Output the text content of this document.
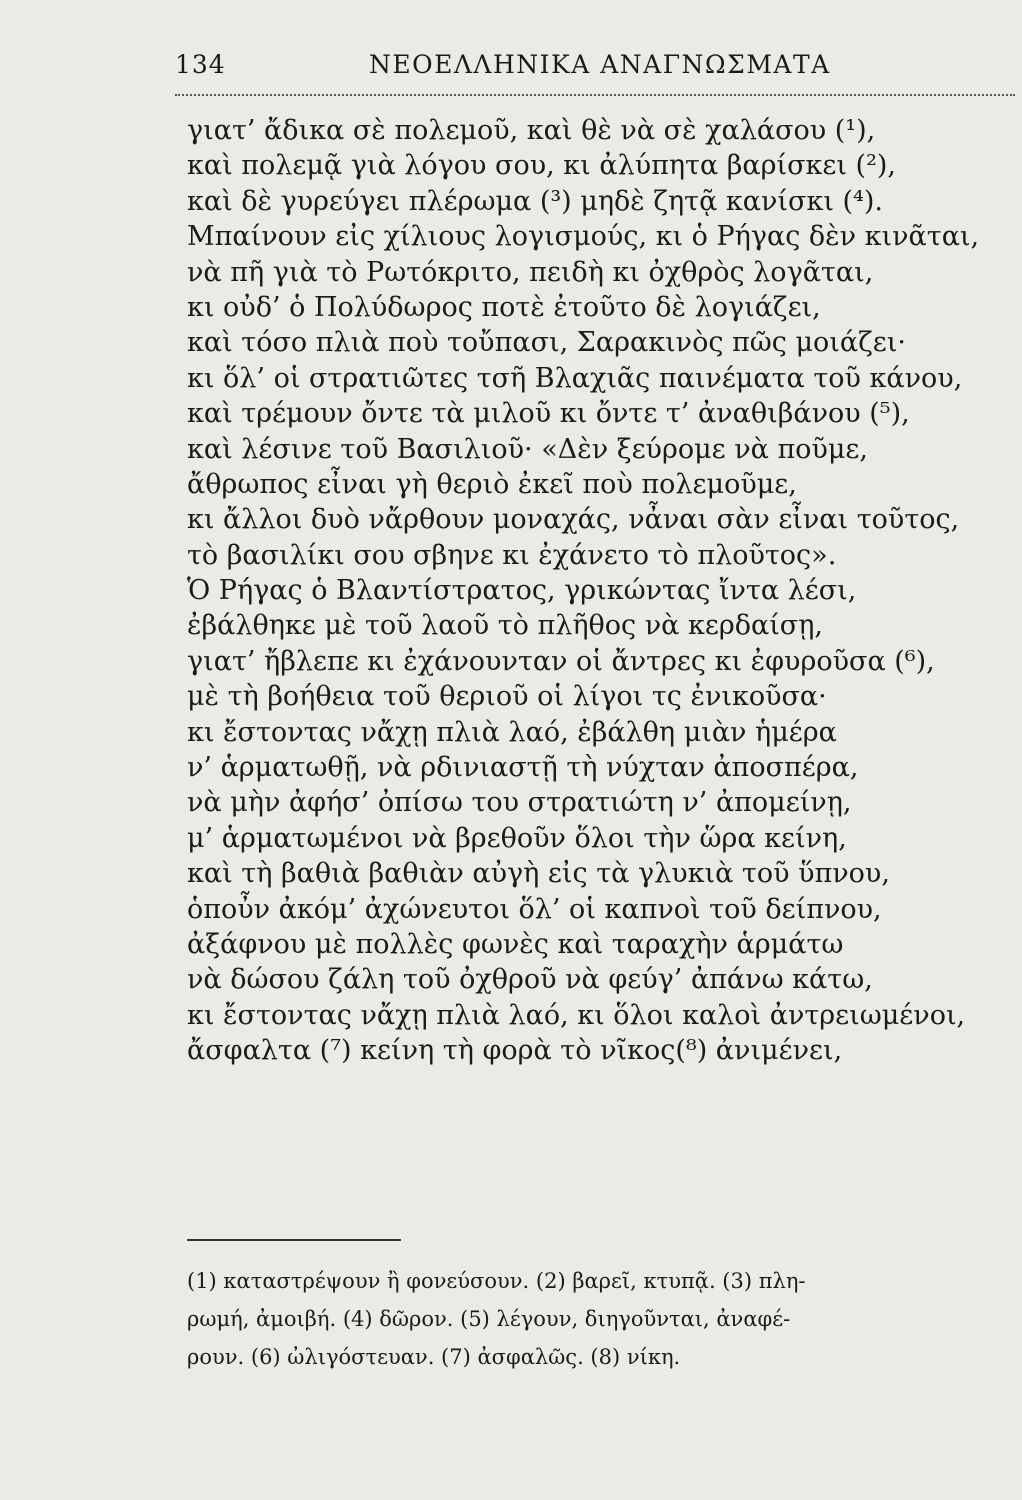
134	ΝΕΟΕΛΛΗΝΙΚΑ ΑΝΑΓΝΩΣΜΑΤΑ
γιατ’ ἄδικα σὲ πολεμοῦ, καὶ θὲ νὰ σὲ χαλάσου (¹),
καὶ πολεμᾷ γιὰ λόγου σου, κι ἀλύπητα βαρίσκει (²),
καὶ δὲ γυρεύγει πλέρωμα (³) μηδὲ ζητᾷ κανίσκι (⁴).
Μπαίνουν εἰς χίλιους λογισμούς, κι ὁ Ρήγας δὲν κινᾶται,
νὰ πῆ γιὰ τὸ Ρωτόκριτο, πειδὴ κι ὀχθρὸς λογᾶται,
κι οὐδ’ ὁ Πολύδωρος ποτὲ ἐτοῦτο δὲ λογιάζει,
καὶ τόσο πλιὰ ποὺ τοὔπασι, Σαρακινὸς πῶς μοιάζει·
κι ὅλ’ οἱ στρατιῶτες τσῆ Βλαχιᾶς παινέματα τοῦ κάνου,
καὶ τρέμουν ὄντε τὰ μιλοῦ κι ὄντε τ’ ἀναθιβάνου (⁵),
καὶ λέσινε τοῦ Βασιλιοῦ· «Δὲν ξεύρομε νὰ ποῦμε,
ἄθρωπος εἶναι γὴ θεριὸ ἐκεῖ ποὺ πολεμοῦμε,
κι ἄλλοι δυὸ νἄρθουν μοναχάς, νἆναι σὰν εἶναι τοῦτος,
τὸ βασιλίκι σου σβηνε κι ἐχάνετο τὸ πλοῦτος».
Ὁ Ρήγας ὁ Βλαντίστρατος, γρικώντας ἴντα λέσι,
ἐβάλθηκε μὲ τοῦ λαοῦ τὸ πλῆθος νὰ κερδαίσῃ,
γιατ’ ἤβλεπε κι ἐχάνουνταν οἱ ἄντρες κι ἐφυροῦσα (⁶),
μὲ τὴ βοήθεια τοῦ θεριοῦ οἱ λίγοι τς ἐνικοῦσα·
κι ἔστοντας νἄχῃ πλιὰ λαό, ἐβάλθη μιὰν ἡμέρα
ν’ ἁρματωθῇ, νὰ ρδινιαστῇ τὴ νύχταν ἀποσπέρα,
νὰ μὴν ἀφήσ’ ὀπίσω του στρατιώτη ν’ ἀπομείνῃ,
μ’ ἁρματωμένοι νὰ βρεθοῦν ὅλοι τὴν ὥρα κείνη,
καὶ τὴ βαθιὰ βαθιὰν αὐγὴ εἰς τὰ γλυκιὰ τοῦ ὕπνου,
ὁποὖν ἀκόμ’ ἀχώνευτοι ὅλ’ οἱ καπνοὶ τοῦ δείπνου,
ἀξάφνου μὲ πολλὲς φωνὲς καὶ ταραχὴν ἁρμάτω
νὰ δώσου ζάλη τοῦ ὀχθροῦ νὰ φεύγ’ ἀπάνω κάτω,
κι ἔστοντας νἄχῃ πλιὰ λαό, κι ὅλοι καλοὶ ἀντρειωμένοι,
ἄσφαλτα (⁷) κείνη τὴ φορὰ τὸ νῖκος(⁸) ἀνιμένει,
(1) καταστρέψουν ἢ φονεύσουν. (2) βαρεῖ, κτυπᾷ. (3) πλη-
ρωμή, ἀμοιβή. (4) δῶρον. (5) λέγουν, διηγοῦνται, ἀναφέ-
ρουν. (6) ὠλιγόστευαν. (7) ἀσφαλῶς. (8) νίκη.
